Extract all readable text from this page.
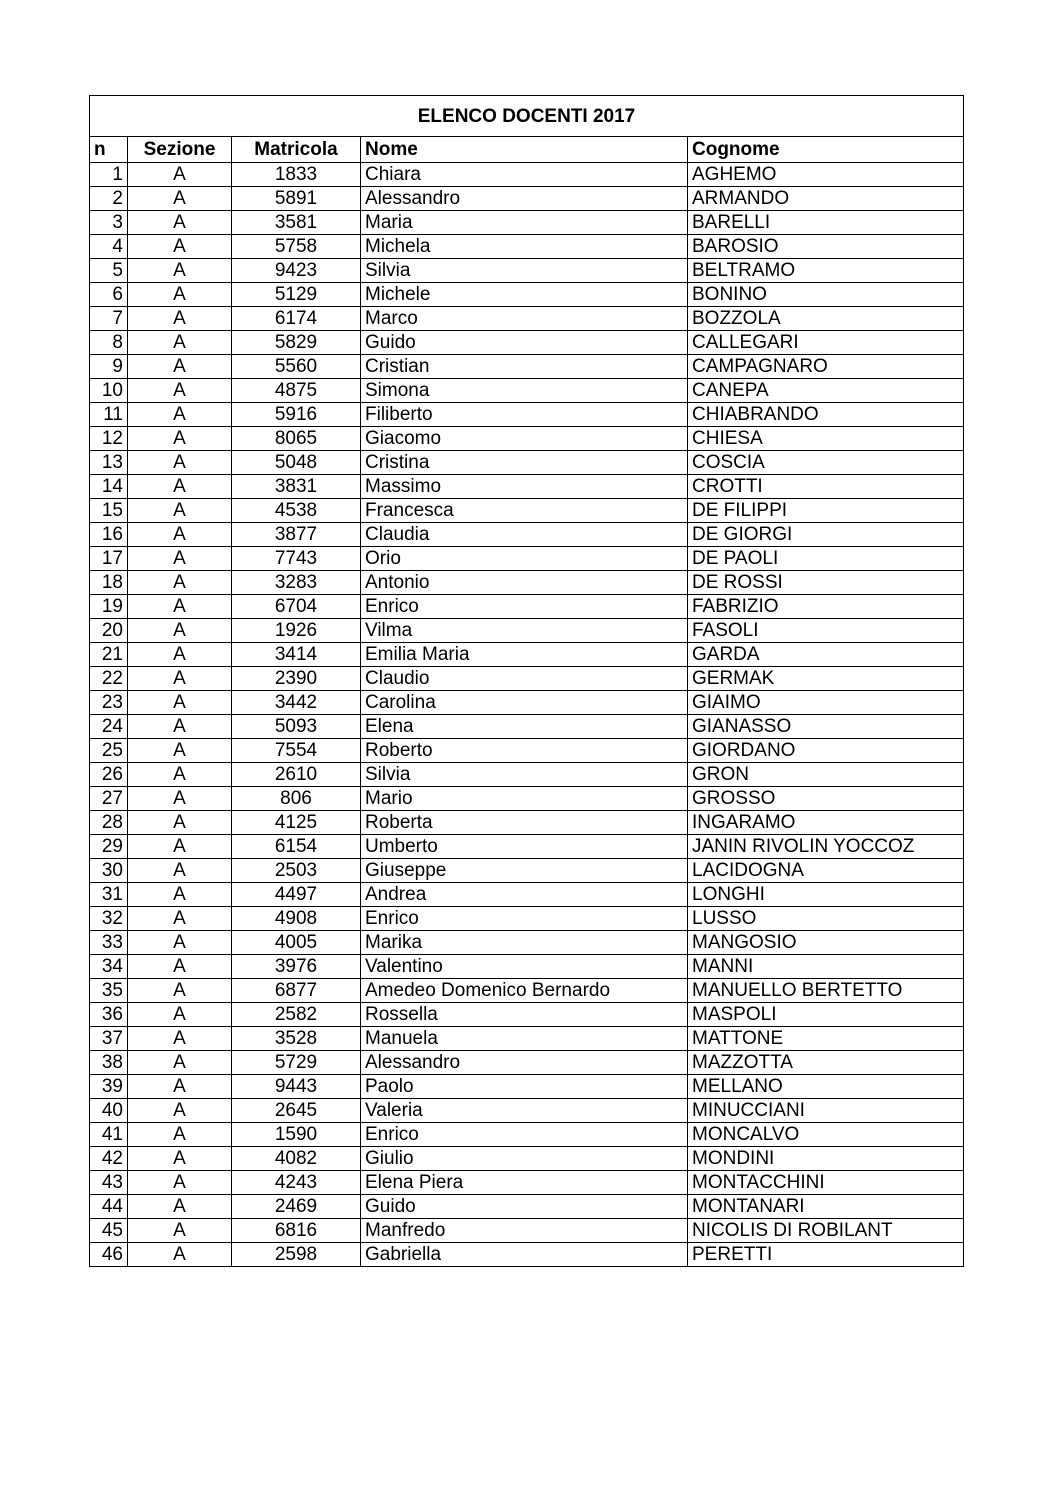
ELENCO DOCENTI 2017				
n	Sezione	Matricola	Nome	Cognome
1	A	1833	Chiara	AGHEMO
2	A	5891	Alessandro	ARMANDO
3	A	3581	Maria	BARELLI
4	A	5758	Michela	BAROSIO
5	A	9423	Silvia	BELTRAMO
6	A	5129	Michele	BONINO
7	A	6174	Marco	BOZZOLA
8	A	5829	Guido	CALLEGARI
9	A	5560	Cristian	CAMPAGNARO
10	A	4875	Simona	CANEPA
11	A	5916	Filiberto	CHIABRANDO
12	A	8065	Giacomo	CHIESA
13	A	5048	Cristina	COSCIA
14	A	3831	Massimo	CROTTI
15	A	4538	Francesca	DE FILIPPI
16	A	3877	Claudia	DE GIORGI
17	A	7743	Orio	DE PAOLI
18	A	3283	Antonio	DE ROSSI
19	A	6704	Enrico	FABRIZIO
20	A	1926	Vilma	FASOLI
21	A	3414	Emilia Maria	GARDA
22	A	2390	Claudio	GERMAK
23	A	3442	Carolina	GIAIMO
24	A	5093	Elena	GIANASSO
25	A	7554	Roberto	GIORDANO
26	A	2610	Silvia	GRON
27	A	806	Mario	GROSSO
28	A	4125	Roberta	INGARAMO
29	A	6154	Umberto	JANIN RIVOLIN YOCCOZ
30	A	2503	Giuseppe	LACIDOGNA
31	A	4497	Andrea	LONGHI
32	A	4908	Enrico	LUSSO
33	A	4005	Marika	MANGOSIO
34	A	3976	Valentino	MANNI
35	A	6877	Amedeo Domenico Bernardo	MANUELLO BERTETTO
36	A	2582	Rossella	MASPOLI
37	A	3528	Manuela	MATTONE
38	A	5729	Alessandro	MAZZOTTA
39	A	9443	Paolo	MELLANO
40	A	2645	Valeria	MINUCCIANI
41	A	1590	Enrico	MONCALVO
42	A	4082	Giulio	MONDINI
43	A	4243	Elena Piera	MONTACCHINI
44	A	2469	Guido	MONTANARI
45	A	6816	Manfredo	NICOLIS DI ROBILANT
46	A	2598	Gabriella	PERETTI
